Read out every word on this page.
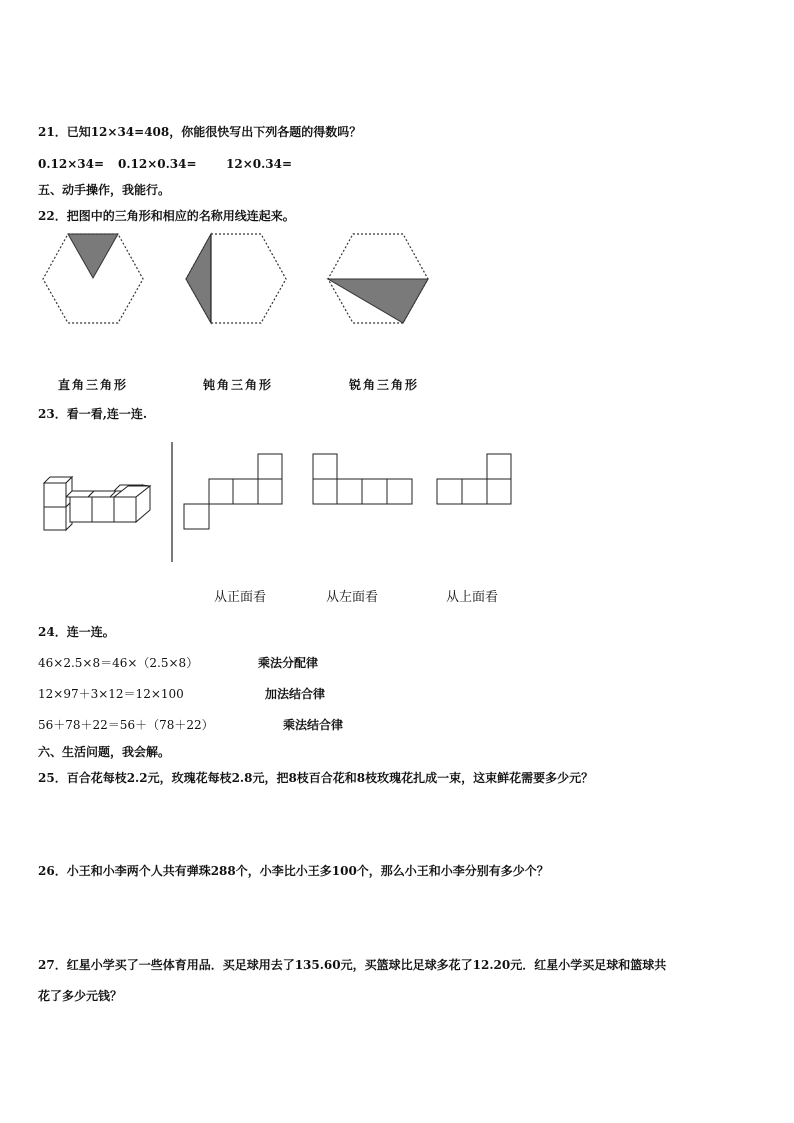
21．已知12×34=408，你能很快写出下列各题的得数吗？
0.12×34= 0.12×0.34= 12×0.34=
五、动手操作，我能行。
22．把图中的三角形和相应的名称用线连起来。
直角三角形	钝角三角形	锐角三角形
23．看一看,连一连.
从正面看	从左面看	从上面看
24．连一连。
46×2.5×8＝46×（2.5×8）	乘法分配律
12×97＋3×12＝12×100	加法结合律
56＋78＋22＝56＋（78＋22）	乘法结合律
六、生活问题，我会解。
25．百合花每枝2.2元，玫瑰花每枝2.8元，把8枝百合花和8枝玫瑰花扎成一束，这束鲜花需要多少元？
26．小王和小李两个人共有弹珠288个，小李比小王多100个，那么小王和小李分别有多少个？
27．红星小学买了一些体育用品．买足球用去了135.60元，买篮球比足球多花了12.20元．红星小学买足球和篮球共
花了多少元钱？
